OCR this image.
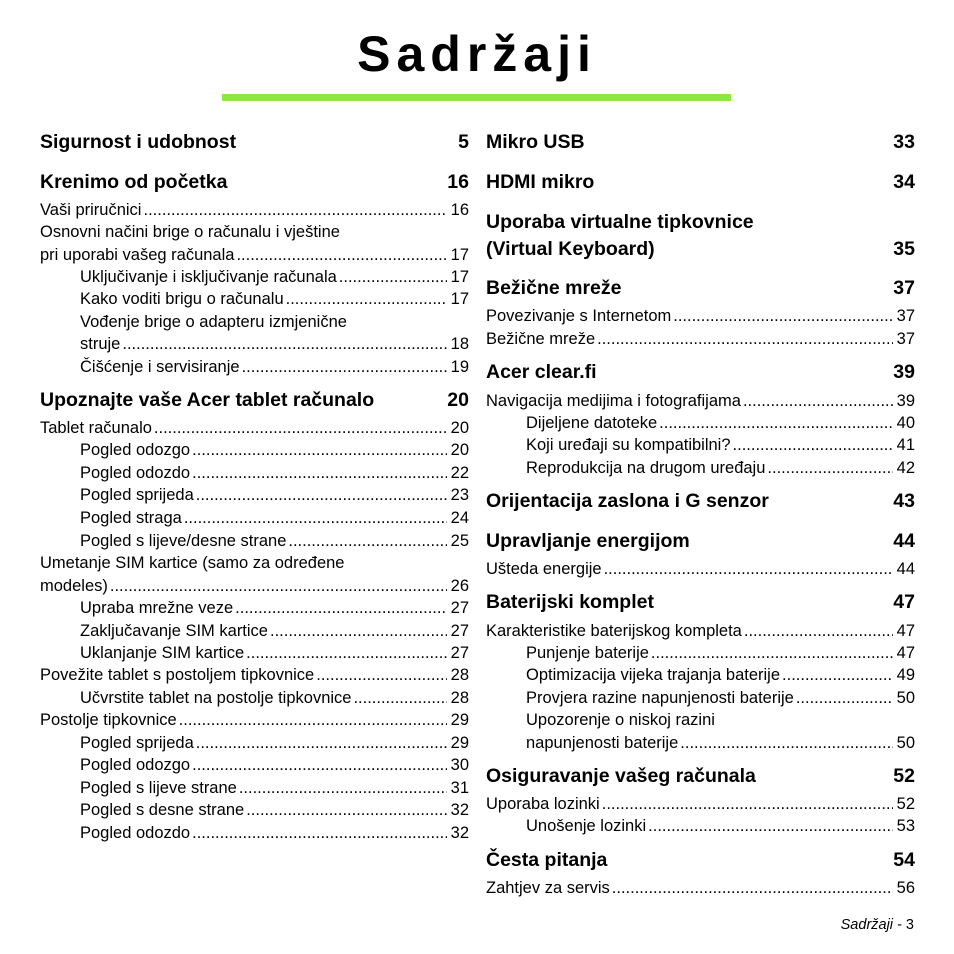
Sadržaji
Sigurnost i udobnost	5
Krenimo od početka	16
Vaši priručnici .....	16
Osnovni načini brige o računalu i vještine
pri uporabi vašeg računala .....	17
Uključivanje i isključivanje računala .....	17
Kako voditi brigu o računalu .....	17
Vođenje brige o adapteru izmjenične
struje .....	18
Čišćenje i servisiranje .....	19
Upoznajte vaše Acer tablet računalo	20
Tablet računalo .....	20
Pogled odozgo .....	20
Pogled odozdo .....	22
Pogled sprijeda .....	23
Pogled straga .....	24
Pogled s lijeve/desne strane .....	25
Umetanje SIM kartice (samo za određene
modeles) .....	26
Upraba mrežne veze .....	27
Zaključavanje SIM kartice .....	27
Uklanjanje SIM kartice .....	27
Povežite tablet s postoljem tipkovnice .....	28
Učvrstite tablet na postolje tipkovnice .....	28
Postolje tipkovnice .....	29
Pogled sprijeda .....	29
Pogled odozgo .....	30
Pogled s lijeve strane .....	31
Pogled s desne strane .....	32
Pogled odozdo .....	32
Mikro USB	33
HDMI mikro	34
Uporaba virtualne tipkovnice
(Virtual Keyboard)	35
Bežične mreže	37
Povezivanje s Internetom .....	37
Bežične mreže .....	37
Acer clear.fi	39
Navigacija medijima i fotografijama .....	39
Dijeljene datoteke .....	40
Koji uređaji su kompatibilni? .....	41
Reprodukcija na drugom uređaju .....	42
Orijentacija zaslona i G senzor	43
Upravljanje energijom	44
Ušteda energije .....	44
Baterijski komplet	47
Karakteristike baterijskog kompleta .....	47
Punjenje baterije .....	47
Optimizacija vijeka trajanja baterije .....	49
Provjera razine napunjenosti baterije .....	50
Upozorenje o niskoj razini
napunjenosti baterije .....	50
Osiguravanje vašeg računala	52
Uporaba lozinki .....	52
Unošenje lozinki .....	53
Česta pitanja	54
Zahtjev za servis .....	56
Sadržaji - 3
